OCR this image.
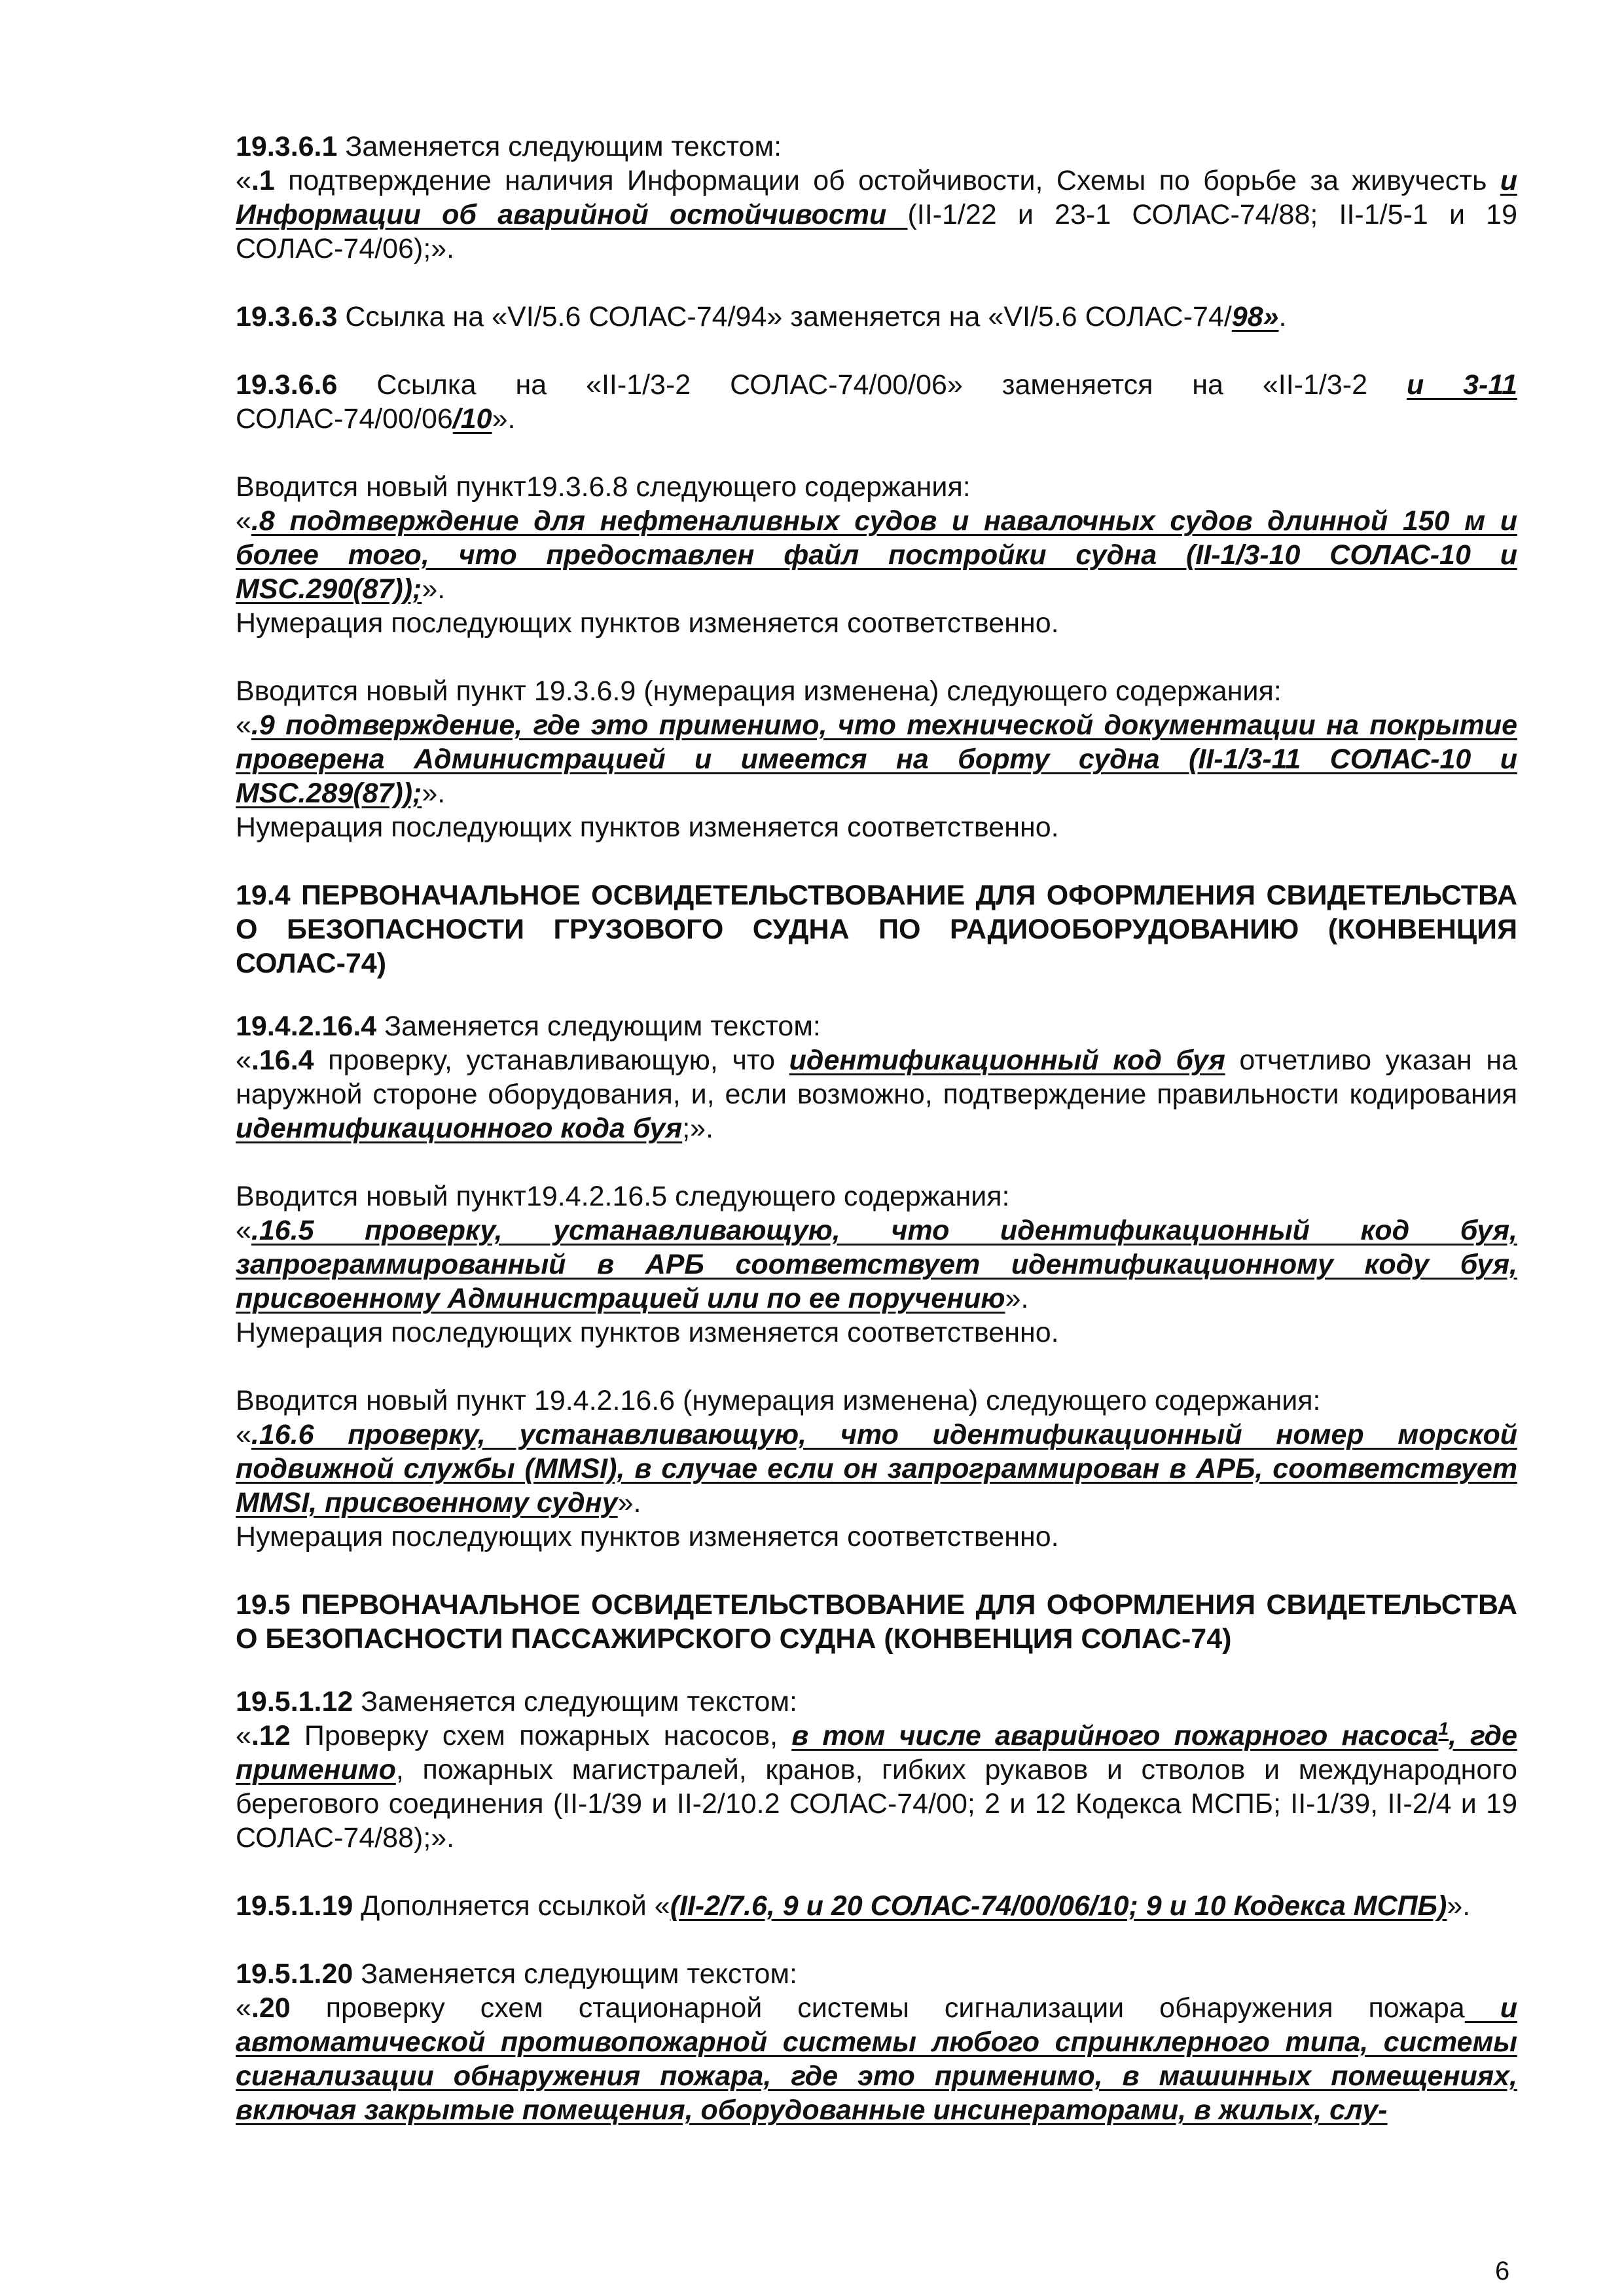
19.3.6.1 Заменяется следующим текстом:

«.1 подтверждение наличия Информации об остойчивости, Схемы по борьбе за живучесть и Информации об аварийной остойчивости (II-1/22 и 23-1 СОЛАС-74/88; II-1/5-1 и 19 СОЛАС-74/06);».

19.3.6.3 Ссылка на «VI/5.6 СОЛАС-74/94» заменяется на «VI/5.6 СОЛАС-74/98».

19.3.6.6 Ссылка на «II-1/3-2 СОЛАС-74/00/06» заменяется на «II-1/3-2 и 3-11 СОЛАС-74/00/06/10».

Вводится новый пункт19.3.6.8 следующего содержания:

«.8 подтверждение для нефтеналивных судов и навалочных судов длинной 150 м и более того, что предоставлен файл постройки судна (II-1/3-10 СОЛАС-10 и MSC.290(87));».

Нумерация последующих пунктов изменяется соответственно.

Вводится новый пункт 19.3.6.9 (нумерация изменена) следующего содержания:

«.9 подтверждение, где это применимо, что технической документации на покрытие проверена Администрацией и имеется на борту судна (II-1/3-11 СОЛАС-10 и MSC.289(87));».

Нумерация последующих пунктов изменяется соответственно.

19.4 ПЕРВОНАЧАЛЬНОЕ ОСВИДЕТЕЛЬСТВОВАНИЕ ДЛЯ ОФОРМЛЕНИЯ СВИДЕТЕЛЬСТВА О БЕЗОПАСНОСТИ ГРУЗОВОГО СУДНА ПО РАДИООБОРУДОВАНИЮ (КОНВЕНЦИЯ СОЛАС-74)

19.4.2.16.4 Заменяется следующим текстом:

«.16.4 проверку, устанавливающую, что идентификационный код буя отчетливо указан на наружной стороне оборудования, и, если возможно, подтверждение правильности кодирования идентификационного кода буя;».

Вводится новый пункт19.4.2.16.5 следующего содержания:

«.16.5 проверку, устанавливающую, что идентификационный код буя, запрограммированный в АРБ соответствует идентификационному коду буя, присвоенному Администрацией или по ее поручению».

Нумерация последующих пунктов изменяется соответственно.

Вводится новый пункт 19.4.2.16.6 (нумерация изменена) следующего содержания:

«.16.6 проверку, устанавливающую, что идентификационный номер морской подвижной службы (MMSI), в случае если он запрограммирован в АРБ, соответствует MMSI, присвоенному судну».

Нумерация последующих пунктов изменяется соответственно.

19.5 ПЕРВОНАЧАЛЬНОЕ ОСВИДЕТЕЛЬСТВОВАНИЕ ДЛЯ ОФОРМЛЕНИЯ СВИДЕТЕЛЬСТВА О БЕЗОПАСНОСТИ ПАССАЖИРСКОГО СУДНА (КОНВЕНЦИЯ СОЛАС-74)

19.5.1.12 Заменяется следующим текстом:

«.12 Проверку схем пожарных насосов, в том числе аварийного пожарного насоса$^1$, где применимо, пожарных магистралей, кранов, гибких рукавов и стволов и международного берегового соединения (II-1/39 и II-2/10.2 СОЛАС-74/00; 2 и 12 Кодекса МСПБ; II-1/39, II-2/4 и 19 СОЛАС-74/88);».

19.5.1.19 Дополняется ссылкой «(II-2/7.6, 9 и 20 СОЛАС-74/00/06/10; 9 и 10 Кодекса МСПБ)».

19.5.1.20 Заменяется следующим текстом:

«.20 проверку схем стационарной системы сигнализации обнаружения пожара и автоматической противопожарной системы любого спринклерного типа, системы сигнализации обнаружения пожара, где это применимо, в машинных помещениях, включая закрытые помещения, оборудованные инсинераторами, в жилых, слу-

6
